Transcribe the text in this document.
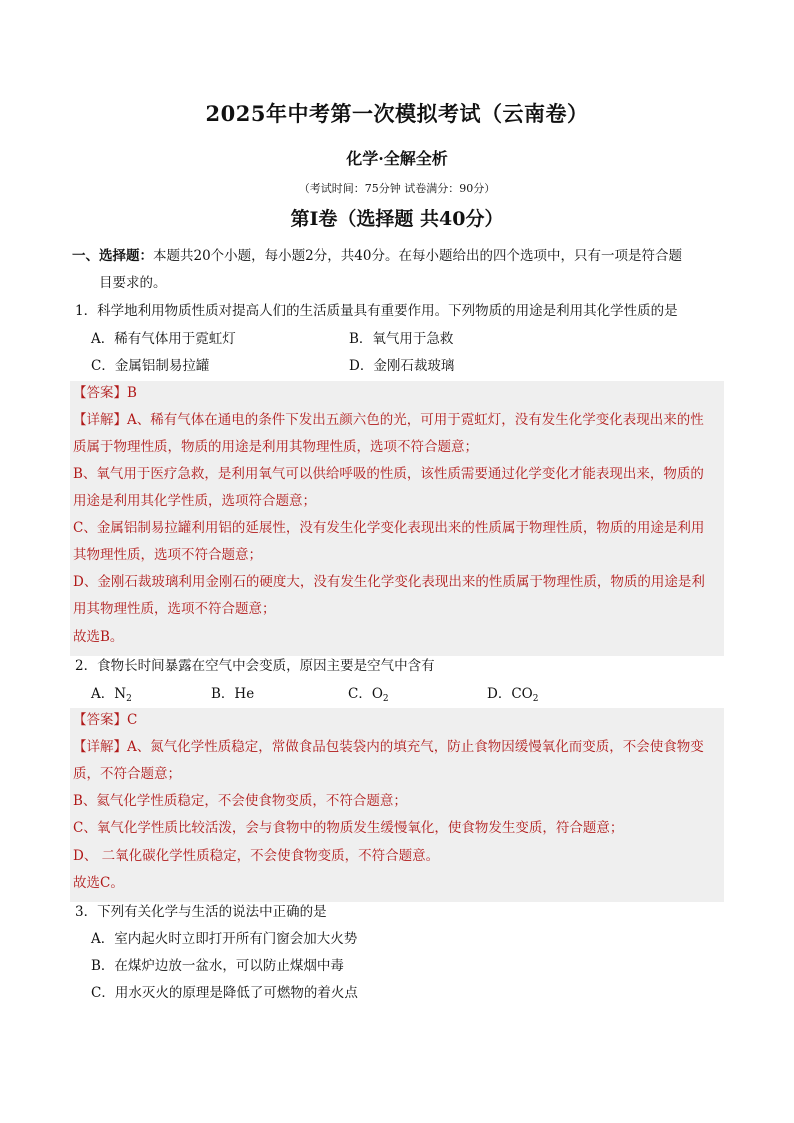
2025年中考第一次模拟考试（云南卷）
化学·全解全析
（考试时间：75分钟 试卷满分：90分）
第Ⅰ卷（选择题 共40分）
一、选择题：本题共20个小题，每小题2分，共40分。在每小题给出的四个选项中，只有一项是符合题
目要求的。
1．科学地利用物质性质对提高人们的生活质量具有重要作用。下列物质的用途是利用其化学性质的是
A．稀有气体用于霓虹灯	B．氧气用于急救
C．金属铝制易拉罐	D．金刚石裁玻璃
【答案】B
【详解】A、稀有气体在通电的条件下发出五颜六色的光，可用于霓虹灯，没有发生化学变化表现出来的性
质属于物理性质，物质的用途是利用其物理性质，选项不符合题意；
B、氧气用于医疗急救，是利用氧气可以供给呼吸的性质，该性质需要通过化学变化才能表现出来，物质的
用途是利用其化学性质，选项符合题意；
C、金属铝制易拉罐利用铝的延展性，没有发生化学变化表现出来的性质属于物理性质，物质的用途是利用
其物理性质，选项不符合题意；
D、金刚石裁玻璃利用金刚石的硬度大，没有发生化学变化表现出来的性质属于物理性质，物质的用途是利
用其物理性质，选项不符合题意；
故选B。
2．食物长时间暴露在空气中会变质，原因主要是空气中含有
A．$N_2$	B．He	C．$O_2$	D．$CO_2$
【答案】C
【详解】A、氮气化学性质稳定，常做食品包装袋内的填充气，防止食物因缓慢氧化而变质，不会使食物变
质，不符合题意；
B、氦气化学性质稳定，不会使食物变质，不符合题意；
C、氧气化学性质比较活泼，会与食物中的物质发生缓慢氧化，使食物发生变质，符合题意；
D、 二氧化碳化学性质稳定，不会使食物变质，不符合题意。
故选C。
3．下列有关化学与生活的说法中正确的是
A．室内起火时立即打开所有门窗会加大火势
B．在煤炉边放一盆水，可以防止煤烟中毒
C．用水灭火的原理是降低了可燃物的着火点
